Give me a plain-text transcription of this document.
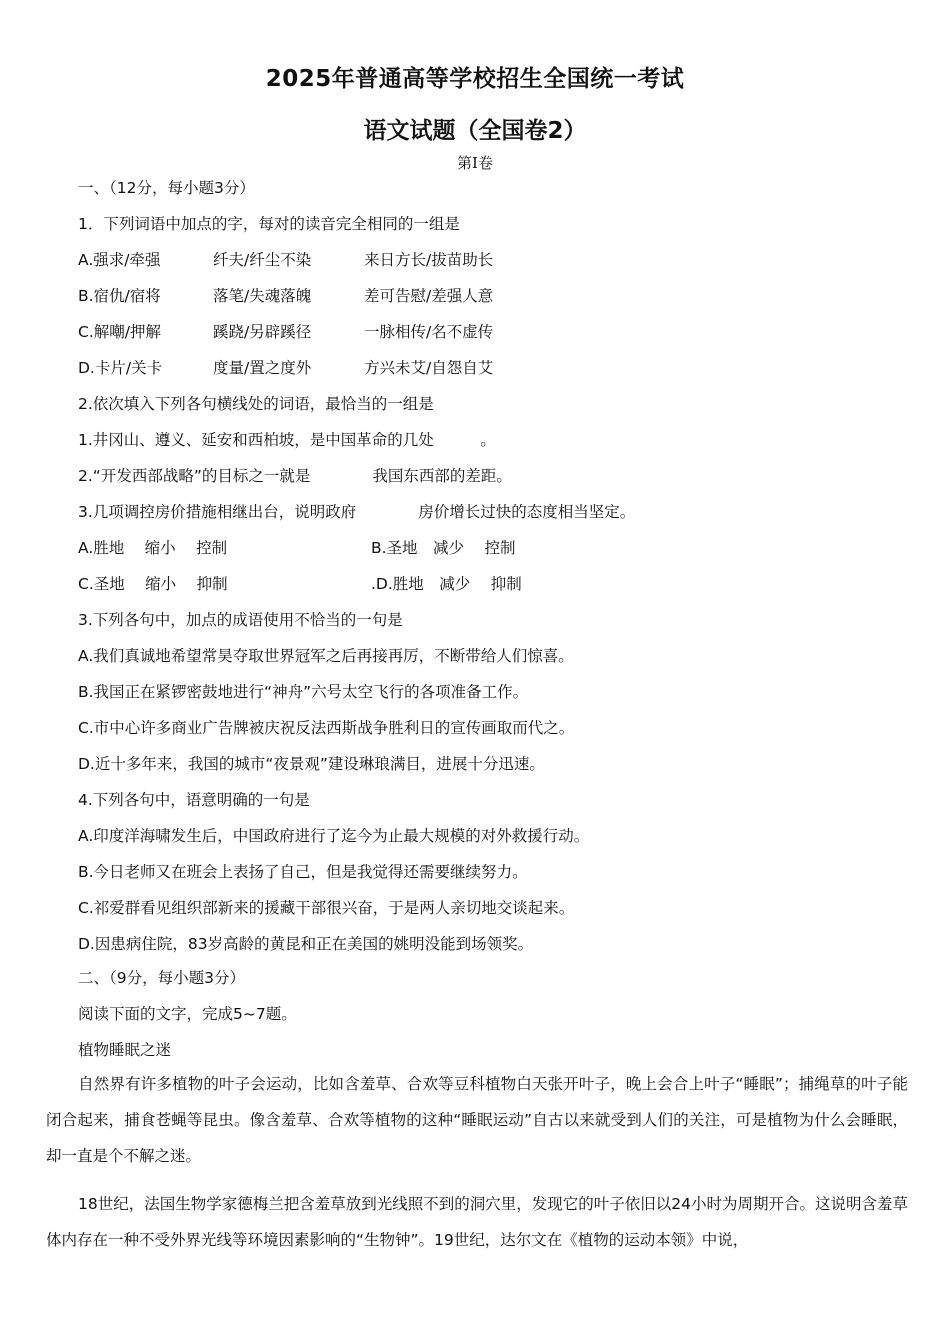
2025年普通高等学校招生全国统一考试
语文试题（全国卷2）
第Ⅰ卷
一、（12分，每小题3分）
1．下列词语中加点的字，每对的读音完全相同的一组是
A.强求/牵强	纤夫/纤尘不染	来日方长/拔苗助长
B.宿仇/宿将	落笔/失魂落魄	差可告慰/差强人意
C.解嘲/押解	蹊跷/另辟蹊径	一脉相传/名不虚传
D.卡片/关卡	度量/置之度外	方兴未艾/自怨自艾
2.依次填入下列各句横线处的词语，最恰当的一组是
1.井冈山、遵义、延安和西柏坡，是中国革命的几处　　　。
2.“开发西部战略”的目标之一就是　　　　我国东西部的差距。
3.几项调控房价措施相继出台，说明政府　　　　房价增长过快的态度相当坚定。
A.胜地　 缩小　 控制	B.圣地　减少　 控制
C.圣地　 缩小　 抑制	.D.胜地　减少　 抑制
3.下列各句中，加点的成语使用不恰当的一句是
A.我们真诚地希望常昊夺取世界冠军之后再接再厉，不断带给人们惊喜。
B.我国正在紧锣密鼓地进行“神舟”六号太空飞行的各项准备工作。
C.市中心许多商业广告牌被庆祝反法西斯战争胜利日的宣传画取而代之。
D.近十多年来，我国的城市“夜景观”建设琳琅满目，进展十分迅速。
4.下列各句中，语意明确的一句是
A.印度洋海啸发生后，中国政府进行了迄今为止最大规模的对外救援行动。
B.今日老师又在班会上表扬了自己，但是我觉得还需要继续努力。
C.祁爱群看见组织部新来的援藏干部很兴奋，于是两人亲切地交谈起来。
D.因患病住院，83岁高龄的黄昆和正在美国的姚明没能到场领奖。
二、（9分，每小题3分）
阅读下面的文字，完成5~7题。
植物睡眠之迷
自然界有许多植物的叶子会运动，比如含羞草、合欢等豆科植物白天张开叶子，晚上会合上叶子“睡眠”；捕绳草的叶子能闭合起来，捕食苍蝇等昆虫。像含羞草、合欢等植物的这种“睡眠运动”自古以来就受到人们的关注，可是植物为什么会睡眠，却一直是个不解之迷。
18世纪，法国生物学家德梅兰把含羞草放到光线照不到的洞穴里，发现它的叶子依旧以24小时为周期开合。这说明含羞草体内存在一种不受外界光线等环境因素影响的“生物钟”。19世纪，达尔文在《植物的运动本领》中说，
